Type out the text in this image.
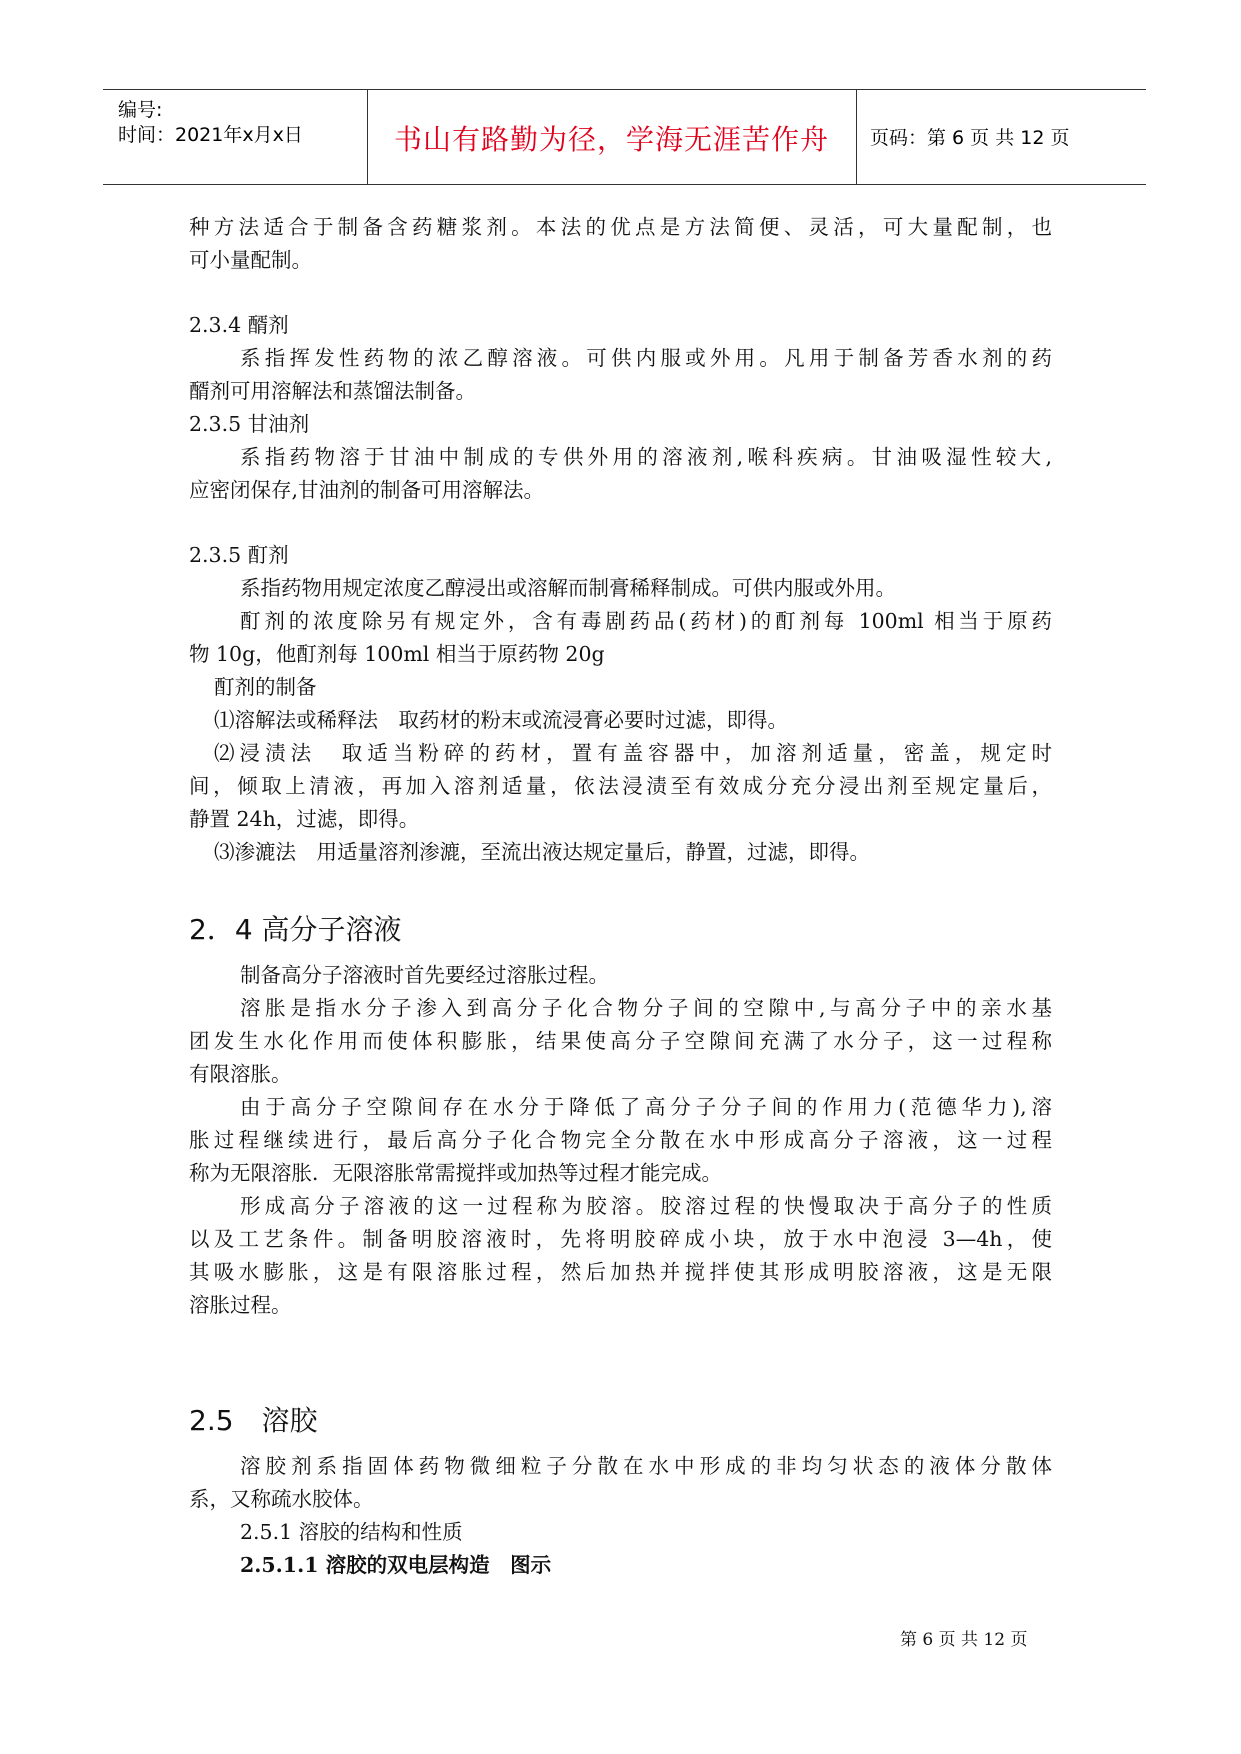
编号:
时间：2021年x月x日	书山有路勤为径，学海无涯苦作舟	页码：第 6 页 共 12 页
种方法适合于制备含药糖浆剂。本法的优点是方法简便、灵活，可大量配制，也
可小量配制。
2.3.4 醑剂
系指挥发性药物的浓乙醇溶液。可供内服或外用。凡用于制备芳香水剂的药
醑剂可用溶解法和蒸馏法制备。
2.3.5 甘油剂
系指药物溶于甘油中制成的专供外用的溶液剂,喉科疾病。甘油吸湿性较大,
应密闭保存,甘油剂的制备可用溶解法。
2.3.5 酊剂
系指药物用规定浓度乙醇浸出或溶解而制膏稀释制成。可供内服或外用。
酊剂的浓度除另有规定外，含有毒剧药品(药材)的酊剂每 100ml 相当于原药
物 10g，他酊剂每 100ml 相当于原药物 20g
酊剂的制备
⑴溶解法或稀释法　取药材的粉末或流浸膏必要时过滤，即得。
⑵浸渍法　取适当粉碎的药材，置有盖容器中，加溶剂适量，密盖，规定时
间，倾取上清液，再加入溶剂适量，依法浸渍至有效成分充分浸出剂至规定量后，
静置 24h，过滤，即得。
⑶渗漉法　用适量溶剂渗漉，至流出液达规定量后，静置，过滤，即得。
2．4 高分子溶液
制备高分子溶液时首先要经过溶胀过程。
溶胀是指水分子渗入到高分子化合物分子间的空隙中,与高分子中的亲水基
团发生水化作用而使体积膨胀，结果使高分子空隙间充满了水分子，这一过程称
有限溶胀。
由于高分子空隙间存在水分于降低了高分子分子间的作用力(范德华力),溶
胀过程继续进行，最后高分子化合物完全分散在水中形成高分子溶液，这一过程
称为无限溶胀．无限溶胀常需搅拌或加热等过程才能完成。
形成高分子溶液的这一过程称为胶溶。胶溶过程的快慢取决于高分子的性质
以及工艺条件。制备明胶溶液时，先将明胶碎成小块，放于水中泡浸 3—4h，使
其吸水膨胀，这是有限溶胀过程，然后加热并搅拌使其形成明胶溶液，这是无限
溶胀过程。
2.5　溶胶
溶胶剂系指固体药物微细粒子分散在水中形成的非均匀状态的液体分散体
系，又称疏水胶体。
2.5.1 溶胶的结构和性质
2.5.1.1 溶胶的双电层构造　图示
第 6 页 共 12 页
